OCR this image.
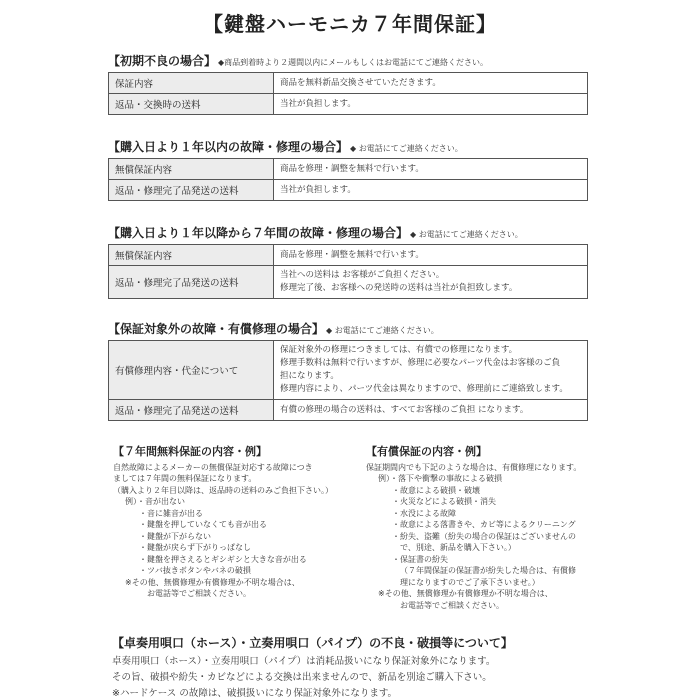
【鍵盤ハーモニカ７年間保証】
【初期不良の場合】 ◆商品到着時より２週間以内にメールもしくはお電話にてご連絡ください。
保証内容	商品を無料新品交換させていただきます。

返品・交換時の送料	当社が負担します。
【購入日より１年以内の故障・修理の場合】 ◆ お電話にてご連絡ください。
無償保証内容	商品を修理・調整を無料で行います。

返品・修理完了品発送の送料	当社が負担します。
【購入日より１年以降から７年間の故障・修理の場合】 ◆ お電話にてご連絡ください。
無償保証内容	商品を修理・調整を無料で行います。

返品・修理完了品発送の送料	当社への送料は お客様がご負担ください。
修理完了後、お客様への発送時の送料は当社が負担致します。
【保証対象外の故障・有償修理の場合】 ◆ お電話にてご連絡ください。
有償修理内容・代金について	保証対象外の修理につきましては、有償での修理になります。
修理手数料は無料で行いますが、修理に必要なパーツ代金はお客様のご負
担になります。
修理内容により、パーツ代金は異なりますので、修理前にご連絡致します。

返品・修理完了品発送の送料	有償の修理の場合の送料は、すべてお客様のご負担 になります。
【７年間無料保証の内容・例】

自然故障によるメーカーの無償保証対応する故障につき

ましては７年間の無料保証になります。

（購入より２年目以降は、返品時の送料のみご負担下さい。）

例）・音が出ない

・音に雑音が出る

・鍵盤を押していなくても音が出る

・鍵盤が下がらない

・鍵盤が戻らず下がりっぱなし

・鍵盤を押さえるとギシギシと大きな音が出る

・ツバ抜きボタンやバネの破損

※その他、無償修理か有償修理か不明な場合は、

お電話等でご相談ください。

【有償保証の内容・例】

保証期間内でも下記のような場合は、有償修理になります。

例）・落下や衝撃の事故による破損

・故意による破損・破壊

・火災などによる破損・消失

・水没による故障

・故意による落書きや、カビ等によるクリーニング

・紛失、盗難（紛失の場合の保証はございませんの

で、別途、新品を購入下さい。）

・保証書の紛失

（７年間保証の保証書が紛失した場合は、有償修

理になりますのでご了承下さいませ。）

※その他、無償修理か有償修理か不明な場合は、

お電話等でご相談ください。

【卓奏用唄口（ホース）・立奏用唄口（パイプ）の不良・破損等について】

卓奏用唄口（ホース）・立奏用唄口（パイプ）は消耗品扱いになり保証対象外になります。

その旨、破損や紛失・カビなどによる交換は出来ませんので、新品を別途ご購入下さい。

※ハードケース の故障は、破損扱いになり保証対象外になります。
